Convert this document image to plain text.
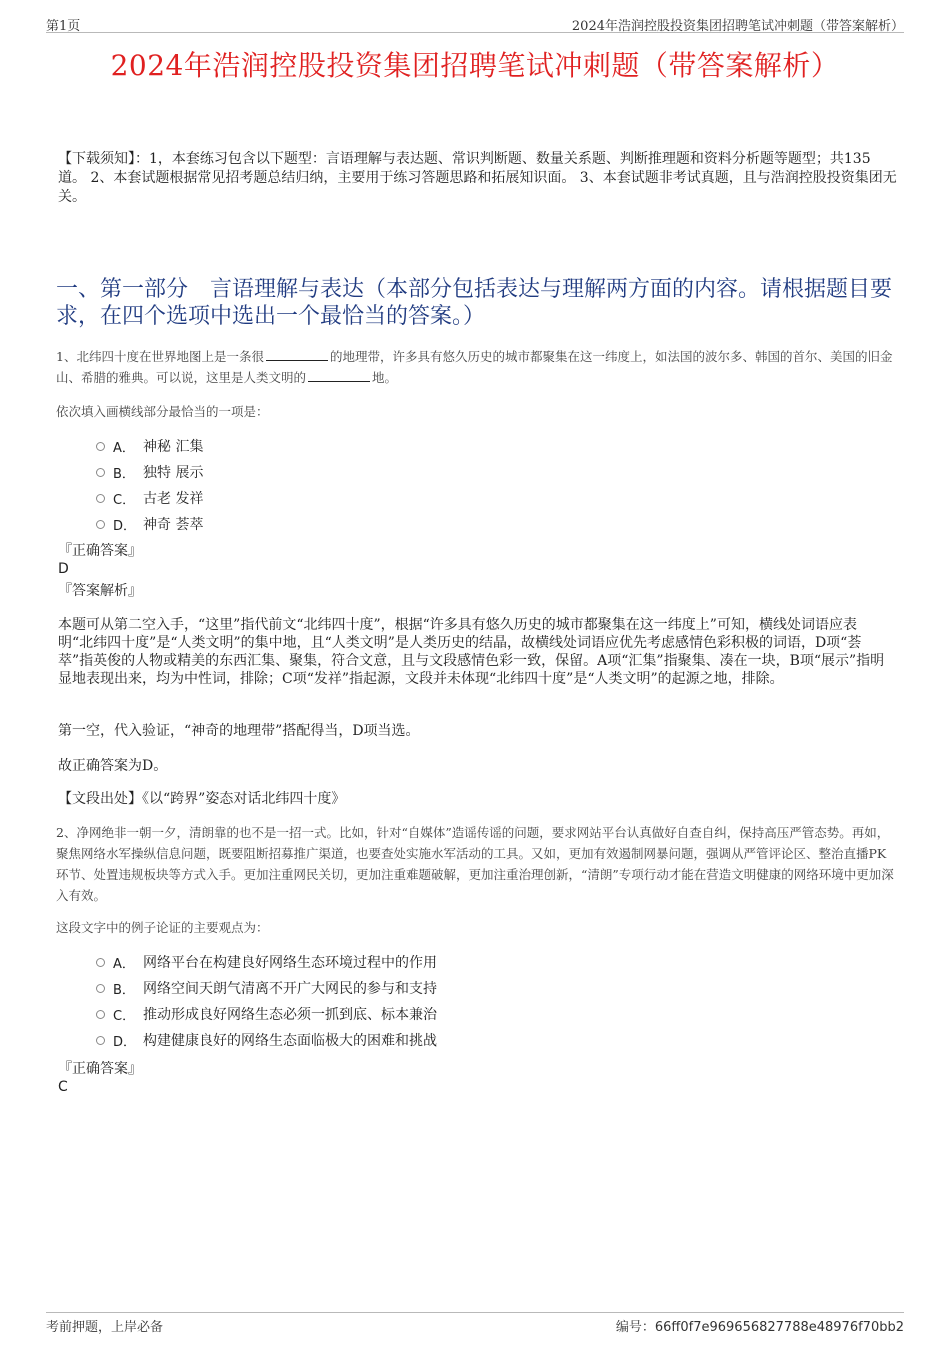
第1页	2024年浩润控股投资集团招聘笔试冲刺题（带答案解析）
2024年浩润控股投资集团招聘笔试冲刺题（带答案解析）
【下载须知】：1，本套练习包含以下题型：言语理解与表达题、常识判断题、数量关系题、判断推理题和资料分析题等题型；共135道。 2、本套试题根据常见招考题总结归纳，主要用于练习答题思路和拓展知识面。 3、本套试题非考试真题，且与浩润控股投资集团无关。
一、第一部分　言语理解与表达（本部分包括表达与理解两方面的内容。请根据题目要求，在四个选项中选出一个最恰当的答案。）
1、北纬四十度在世界地图上是一条很	的地理带，许多具有悠久历史的城市都聚集在这一纬度上，如法国的波尔多、韩国的首尔、美国的旧金山、希腊的雅典。可以说，这里是人类文明的	地。
依次填入画横线部分最恰当的一项是：
A． 神秘 汇集
B． 独特 展示
C． 古老 发祥
D． 神奇 荟萃
『正确答案』
D
『答案解析』
本题可从第二空入手，“这里”指代前文“北纬四十度”，根据“许多具有悠久历史的城市都聚集在这一纬度上”可知，横线处词语应表明“北纬四十度”是“人类文明”的集中地，且“人类文明”是人类历史的结晶，故横线处词语应优先考虑感情色彩积极的词语，D项“荟萃”指英俊的人物或精美的东西汇集、聚集，符合文意，且与文段感情色彩一致，保留。A项“汇集”指聚集、凑在一块，B项“展示”指明显地表现出来，均为中性词，排除；C项“发祥”指起源，文段并未体现“北纬四十度”是“人类文明”的起源之地，排除。
第一空，代入验证，“神奇的地理带”搭配得当，D项当选。
故正确答案为D。
【文段出处】《以“跨界”姿态对话北纬四十度》
2、净网绝非一朝一夕，清朗靠的也不是一招一式。比如，针对“自媒体”造谣传谣的问题，要求网站平台认真做好自查自纠，保持高压严管态势。再如，聚焦网络水军操纵信息问题，既要阻断招募推广渠道，也要查处实施水军活动的工具。又如，更加有效遏制网暴问题，强调从严管评论区、整治直播PK环节、处置违规板块等方式入手。更加注重网民关切，更加注重难题破解，更加注重治理创新，“清朗”专项行动才能在营造文明健康的网络环境中更加深入有效。
这段文字中的例子论证的主要观点为：
A． 网络平台在构建良好网络生态环境过程中的作用
B． 网络空间天朗气清离不开广大网民的参与和支持
C． 推动形成良好网络生态必须一抓到底、标本兼治
D． 构建健康良好的网络生态面临极大的困难和挑战
『正确答案』
C
考前押题，上岸必备	编号：66ff0f7e969656827788e48976f70bb2
